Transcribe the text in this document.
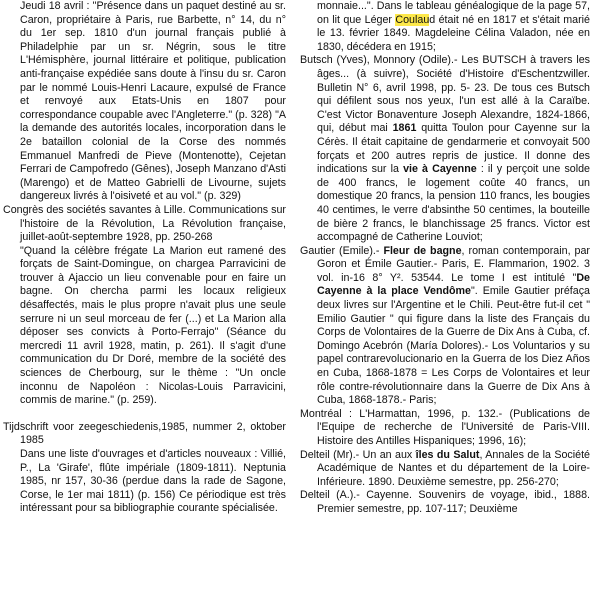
Jeudi 18 avril : "Présence dans un paquet destiné au sr. Caron, propriétaire à Paris, rue Barbette, n° 14, du n° du 1er sep. 1810 d'un journal français publié à Philadelphie par un sr. Négrin, sous le titre L'Hémisphère, journal littéraire et politique, publication anti-française expédiée sans doute à l'insu du sr. Caron par le nommé Louis-Henri Lacaure, expulsé de France et renvoyé aux Etats-Unis en 1807 pour correspondance coupable avec l'Angleterre." (p. 328) "A la demande des autorités locales, incorporation dans le 2e bataillon colonial de la Corse des nommés Emmanuel Manfredi de Pieve (Montenotte), Cejetan Ferrari de Campofredo (Gênes), Joseph Manzano d'Asti (Marengo) et de Matteo Gabrielli de Livourne, sujets dangereux livrés à l'oisiveté et au vol." (p. 329)

Congrès des sociétés savantes à Lille. Communications sur l'histoire de la Révolution, La Révolution française, juillet-août-septembre 1928, pp. 250-268

"Quand la célèbre frégate La Marion eut ramené des forçats de Saint-Domingue, on chargea Parravicini de trouver à Ajaccio un lieu convenable pour en faire un bagne. On chercha parmi les locaux religieux désaffectés, mais le plus propre n'avait plus une seule serrure ni un seul morceau de fer (...) et La Marion alla déposer ses convicts à Porto-Ferrajo" (Séance du mercredi 11 avril 1928, matin, p. 261). Il s'agit d'une communication du Dr Doré, membre de la société des sciences de Cherbourg, sur le thème : "Un oncle inconnu de Napoléon : Nicolas-Louis Parravicini, commis de marine." (p. 259).

Tijdschrift voor zeegeschiedenis,1985, nummer 2, oktober 1985

Dans une liste d'ouvrages et d'articles nouveaux : Villié, P., La 'Girafe', flûte impériale (1809-1811). Neptunia 1985, nr 157, 30-36 (perdue dans la rade de Sagone, Corse, le 1er mai 1811) (p. 156) Ce périodique est très intéressant pour sa bibliographie courante spécialisée.

monnaie...". Dans le tableau généalogique de la page 57, on lit que Léger Coulaud était né en 1817 et s'était marié le 13. février 1849. Magdeleine Célina Valadon, née en 1830, décédera en 1915;

Butsch (Yves), Monnory (Odile).- Les BUTSCH à travers les âges... (à suivre), Société d'Histoire d'Eschentzwiller. Bulletin N° 6, avril 1998, pp. 5- 23. De tous ces Butsch qui défilent sous nos yeux, l'un est allé à la Caraïbe. C'est Victor Bonaventure Joseph Alexandre, 1824-1866, qui, début mai 1861 quitta Toulon pour Cayenne sur la Cérès. Il était capitaine de gendarmerie et convoyait 500 forçats et 200 autres repris de justice. Il donne des indications sur la vie à Cayenne : il y perçoit une solde de 400 francs, le logement coûte 40 francs, un domestique 20 francs, la pension 110 francs, les bougies 40 centimes, le verre d'absinthe 50 centimes, la bouteille de bière 2 francs, le blanchissage 25 francs. Victor est accompagné de Catherine Louviot;

Gautier (Emile).- Fleur de bagne, roman contemporain, par Goron et Émile Gautier.- Paris, E. Flammarion, 1902. 3 vol. in-16 8° Y². 53544. Le tome I est intitulé "De Cayenne à la place Vendôme". Emile Gautier préfaça deux livres sur l'Argentine et le Chili. Peut-être fut-il cet " Emilio Gautier " qui figure dans la liste des Français du Corps de Volontaires de la Guerre de Dix Ans à Cuba, cf. Domingo Acebrón (María Dolores).- Los Voluntarios y su papel contrarevolucionario en la Guerra de los Diez Años en Cuba, 1868-1878 = Les Corps de Volontaires et leur rôle contre-révolutionnaire dans la Guerre de Dix Ans à Cuba, 1868-1878.- Paris;

Montréal : L'Harmattan, 1996, p. 132.- (Publications de l'Equipe de recherche de l'Université de Paris-VIII. Histoire des Antilles Hispaniques; 1996, 16);

Delteil (Mr).- Un an aux îles du Salut, Annales de la Société Académique de Nantes et du département de la Loire-Inférieure. 1890. Deuxième semestre, pp. 256-270;

Delteil (A.).- Cayenne. Souvenirs de voyage, ibid., 1888. Premier semestre, pp. 107-117; Deuxième
